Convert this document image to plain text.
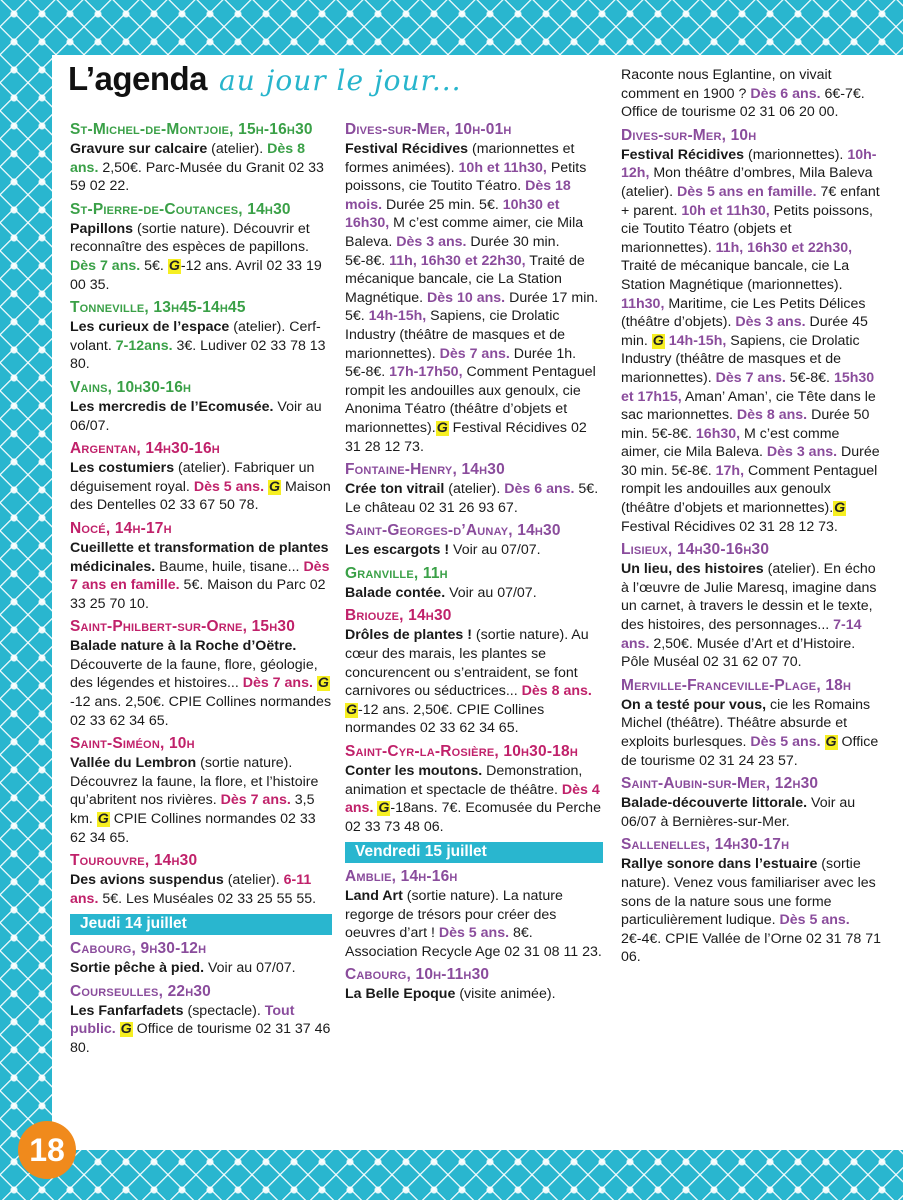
L’agenda au jour le jour...
St-Michel-de-Montjoie, 15h-16h30
Gravure sur calcaire (atelier). Dès 8 ans. 2,50€. Parc-Musée du Granit 02 33 59 02 22.
St-Pierre-de-Coutances, 14h30
Papillons (sortie nature). Découvrir et reconnaître des espèces de papillons. Dès 7 ans. 5€. G-12 ans. Avril 02 33 19 00 35.
Tonneville, 13h45-14h45
Les curieux de l’espace (atelier). Cerf-volant. 7-12ans. 3€. Ludiver 02 33 78 13 80.
Vains, 10h30-16h
Les mercredis de l’Ecomusée. Voir au 06/07.
Argentan, 14h30-16h
Les costumiers (atelier). Fabriquer un déguisement royal. Dès 5 ans. G Maison des Dentelles 02 33 67 50 78.
Nocé, 14h-17h
Cueillette et transformation de plantes médicinales. Baume, huile, tisane... Dès 7 ans en famille. 5€. Maison du Parc 02 33 25 70 10.
Saint-Philbert-sur-Orne, 15h30
Balade nature à la Roche d’Oëtre. Découverte de la faune, flore, géologie, des légendes et histoires... Dès 7 ans. G-12 ans. 2,50€. CPIE Collines normandes 02 33 62 34 65.
Saint-Siméon, 10h
Vallée du Lembron (sortie nature). Découvrez la faune, la flore, et l’histoire qu’abritent nos rivières. Dès 7 ans. 3,5 km. G CPIE Collines normandes 02 33 62 34 65.
Tourouvre, 14h30
Des avions suspendus (atelier). 6-11 ans. 5€. Les Muséales 02 33 25 55 55.
Jeudi 14 juillet
Cabourg, 9h30-12h
Sortie pêche à pied. Voir au 07/07.
Courseulles, 22h30
Les Fanfarfadets (spectacle). Tout public. G Office de tourisme 02 31 37 46 80.
Dives-sur-Mer, 10h-01h
Festival Récidives (marionnettes et formes animées). 10h et 11h30, Petits poissons, cie Toutito Téatro. Dès 18 mois. Durée 25 min. 5€. 10h30 et 16h30, M c’est comme aimer, cie Mila Baleva. Dès 3 ans. Durée 30 min. 5€-8€. 11h, 16h30 et 22h30, Traité de mécanique bancale, cie La Station Magnétique. Dès 10 ans. Durée 17 min. 5€. 14h-15h, Sapiens, cie Drolatic Industry (théâtre de masques et de marionnettes). Dès 7 ans. Durée 1h. 5€-8€. 17h-17h50, Comment Pentaguel rompit les andouilles aux genoulx, cie Anonima Téatro (théâtre d’objets et marionnettes).G Festival Récidives 02 31 28 12 73.
Fontaine-Henry, 14h30
Crée ton vitrail (atelier). Dès 6 ans. 5€. Le château 02 31 26 93 67.
Saint-Georges-d’Aunay, 14h30
Les escargots ! Voir au 07/07.
Granville, 11h
Balade contée. Voir au 07/07.
Briouze, 14h30
Drôles de plantes ! (sortie nature). Au cœur des marais, les plantes se concurencent ou s’entraident, se font carnivores ou séductrices... Dès 8 ans. G-12 ans. 2,50€. CPIE Collines normandes 02 33 62 34 65.
Saint-Cyr-la-Rosière, 10h30-18h
Conter les moutons. Demonstration, animation et spectacle de théâtre. Dès 4 ans. G-18ans. 7€. Ecomusée du Perche 02 33 73 48 06.
Vendredi 15 juillet
Amblie, 14h-16h
Land Art (sortie nature). La nature regorge de trésors pour créer des oeuvres d’art ! Dès 5 ans. 8€. Association Recycle Age 02 31 08 11 23.
Cabourg, 10h-11h30
La Belle Epoque (visite animée).
Raconte nous Eglantine, on vivait comment en 1900 ? Dès 6 ans. 6€-7€. Office de tourisme 02 31 06 20 00.
Dives-sur-Mer, 10h
Festival Récidives (marionnettes). 10h-12h, Mon théâtre d’ombres, Mila Baleva (atelier). Dès 5 ans en famille. 7€ enfant + parent. 10h et 11h30, Petits poissons, cie Toutito Téatro (objets et marionnettes). 11h, 16h30 et 22h30, Traité de mécanique bancale, cie La Station Magnétique (marionnettes). 11h30, Maritime, cie Les Petits Délices (théâtre d’objets). Dès 3 ans. Durée 45 min. G 14h-15h, Sapiens, cie Drolatic Industry (théâtre de masques et de marionnettes). Dès 7 ans. 5€-8€. 15h30 et 17h15, Aman’ Aman’, cie Tête dans le sac marionnettes. Dès 8 ans. Durée 50 min. 5€-8€. 16h30, M c’est comme aimer, cie Mila Baleva. Dès 3 ans. Durée 30 min. 5€-8€. 17h, Comment Pentaguel rompit les andouilles aux genoulx (théâtre d’objets et marionnettes).G Festival Récidives 02 31 28 12 73.
Lisieux, 14h30-16h30
Un lieu, des histoires (atelier). En écho à l’œuvre de Julie Maresq, imagine dans un carnet, à travers le dessin et le texte, des histoires, des personnages... 7-14 ans. 2,50€. Musée d’Art et d’Histoire. Pôle Muséal 02 31 62 07 70.
Merville-Franceville-Plage, 18h
On a testé pour vous, cie les Romains Michel (théâtre). Théâtre absurde et exploits burlesques. Dès 5 ans. G Office de tourisme 02 31 24 23 57.
Saint-Aubin-sur-Mer, 12h30
Balade-découverte littorale. Voir au 06/07 à Bernières-sur-Mer.
Sallenelles, 14h30-17h
Rallye sonore dans l’estuaire (sortie nature). Venez vous familiariser avec les sons de la nature sous une forme particulièrement ludique. Dès 5 ans. 2€-4€. CPIE Vallée de l’Orne 02 31 78 71 06.
18
